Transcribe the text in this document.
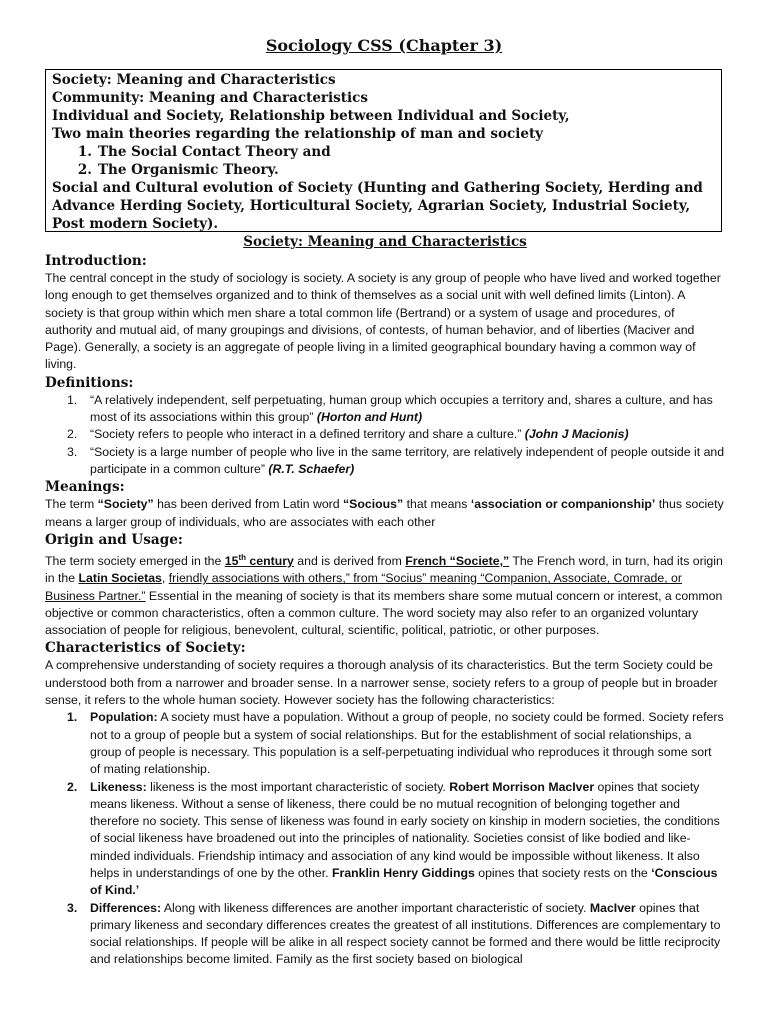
Sociology CSS (Chapter 3)
Society: Meaning and Characteristics
Community: Meaning and Characteristics
Individual and Society, Relationship between Individual and Society,
Two main theories regarding the relationship of man and society
1. The Social Contact Theory and
2. The Organismic Theory.
Social and Cultural evolution of Society (Hunting and Gathering Society, Herding and Advance Herding Society, Horticultural Society, Agrarian Society, Industrial Society, Post modern Society).
Society: Meaning and Characteristics
Introduction:

The central concept in the study of sociology is society. A society is any group of people who have lived and worked together long enough to get themselves organized and to think of themselves as a social unit with well defined limits (Linton). A society is that group within which men share a total common life (Bertrand) or a system of usage and procedures, of authority and mutual aid, of many groupings and divisions, of contests, of human behavior, and of liberties (Maciver and Page). Generally, a society is an aggregate of people living in a limited geographical boundary having a common way of living.

Definitions:
1. “A relatively independent, self perpetuating, human group which occupies a territory and, shares a culture, and has most of its associations within this group” (Horton and Hunt)
2. “Society refers to people who interact in a defined territory and share a culture.” (John J Macionis)
3. “Society is a large number of people who live in the same territory, are relatively independent of people outside it and participate in a common culture” (R.T. Schaefer)
Meanings:

The term “Society” has been derived from Latin word “Socious” that means ‘association or companionship’ thus society means a larger group of individuals, who are associates with each other

Origin and Usage:

The term society emerged in the 15th century and is derived from French “Societe,” The French word, in turn, had its origin in the Latin Societas, friendly associations with others,” from “Socius” meaning “Companion, Associate, Comrade, or Business Partner.” Essential in the meaning of society is that its members share some mutual concern or interest, a common objective or common characteristics, often a common culture. The word society may also refer to an organized voluntary association of people for religious, benevolent, cultural, scientific, political, patriotic, or other purposes.

Characteristics of Society:

A comprehensive understanding of society requires a thorough analysis of its characteristics. But the term Society could be understood both from a narrower and broader sense. In a narrower sense, society refers to a group of people but in broader sense, it refers to the whole human society. However society has the following characteristics:

1. Population: A society must have a population. Without a group of people, no society could be formed. Society refers not to a group of people but a system of social relationships. But for the establishment of social relationships, a group of people is necessary. This population is a self-perpetuating individual who reproduces it through some sort of mating relationship.
2. Likeness: likeness is the most important characteristic of society. Robert Morrison MacIver opines that society means likeness. Without a sense of likeness, there could be no mutual recognition of belonging together and therefore no society. This sense of likeness was found in early society on kinship in modern societies, the conditions of social likeness have broadened out into the principles of nationality. Societies consist of like bodied and like-minded individuals. Friendship intimacy and association of any kind would be impossible without likeness. It also helps in understandings of one by the other. Franklin Henry Giddings opines that society rests on the ‘Conscious of Kind.’
3. Differences: Along with likeness differences are another important characteristic of society. MacIver opines that primary likeness and secondary differences creates the greatest of all institutions. Differences are complementary to social relationships. If people will be alike in all respect society cannot be formed and there would be little reciprocity and relationships become limited. Family as the first society based on biological
